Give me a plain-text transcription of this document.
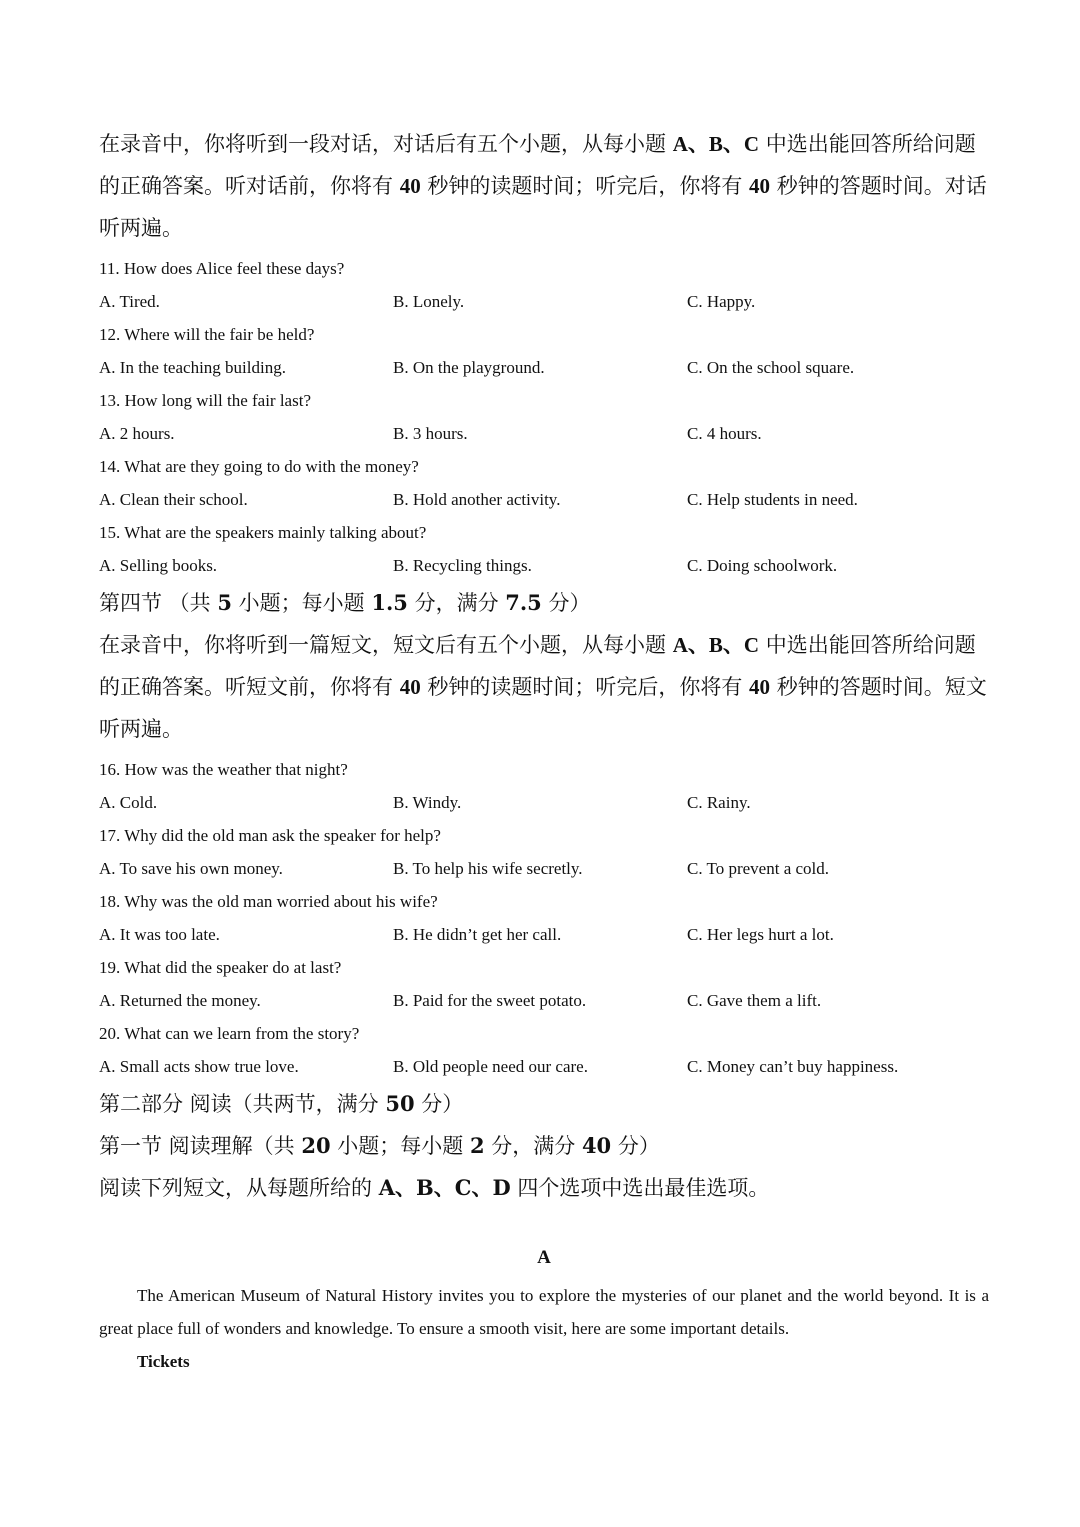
在录音中，你将听到一段对话，对话后有五个小题，从每小题 A、B、C 中选出能回答所给问题的正确答案。听对话前，你将有 40 秒钟的读题时间；听完后，你将有 40 秒钟的答题时间。对话听两遍。

11. How does Alice feel these days?

A. Tired.	B. Lonely.	C. Happy.

12. Where will the fair be held?

A. In the teaching building.	B. On the playground.	C. On the school square.

13. How long will the fair last?

A. 2 hours.	B. 3 hours.	C. 4 hours.

14. What are they going to do with the money?

A. Clean their school.	B. Hold another activity.	C. Help students in need.

15. What are the speakers mainly talking about?

A. Selling books.	B. Recycling things.	C. Doing schoolwork.

第四节 （共 5 小题；每小题 1.5 分，满分 7.5 分）

在录音中，你将听到一篇短文，短文后有五个小题，从每小题 A、B、C 中选出能回答所给问题的正确答案。听短文前，你将有 40 秒钟的读题时间；听完后，你将有 40 秒钟的答题时间。短文听两遍。

16. How was the weather that night?

A. Cold.	B. Windy.	C. Rainy.

17. Why did the old man ask the speaker for help?

A. To save his own money.	B. To help his wife secretly.	C. To prevent a cold.

18. Why was the old man worried about his wife?

A. It was too late.	B. He didn’t get her call.	C. Her legs hurt a lot.

19. What did the speaker do at last?

A. Returned the money.	B. Paid for the sweet potato.	C. Gave them a lift.

20. What can we learn from the story?

A. Small acts show true love.	B. Old people need our care.	C. Money can’t buy happiness.

第二部分 阅读（共两节，满分 50 分）

第一节 阅读理解（共 20 小题；每小题 2 分，满分 40 分）

阅读下列短文，从每题所给的 A、B、C、D 四个选项中选出最佳选项。

A

The American Museum of Natural History invites you to explore the mysteries of our planet and the world beyond. It is a great place full of wonders and knowledge. To ensure a smooth visit, here are some important details.

Tickets
